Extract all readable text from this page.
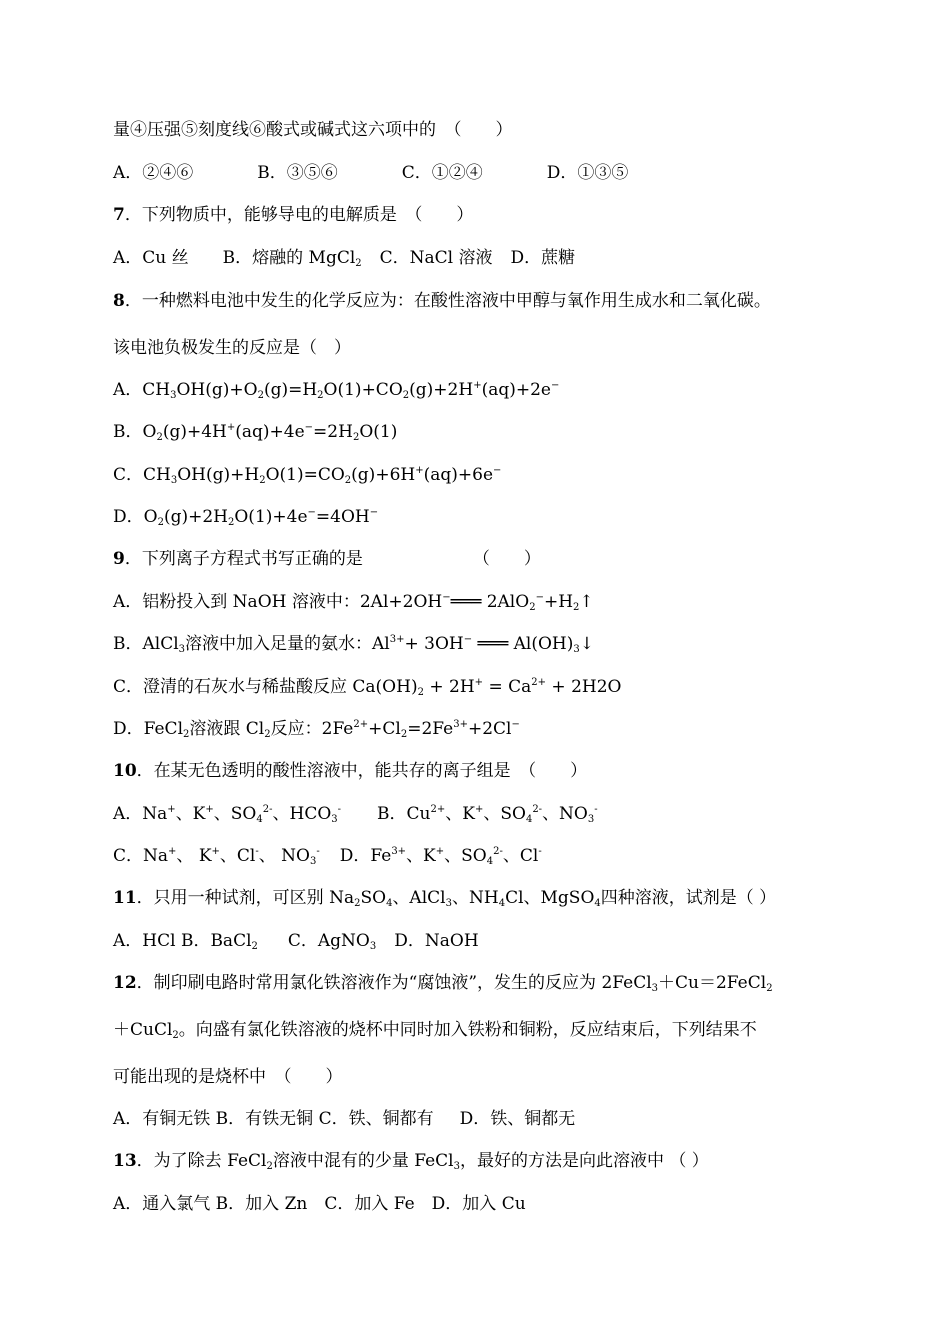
量④压强⑤刻度线⑥酸式或碱式这六项中的　（　　）
A．②④⑥	B．③⑤⑥	C．①②④	D．①③⑤
7．下列物质中，能够导电的电解质是　（　　）
A．Cu 丝 B．熔融的 MgCl$_2$ C．NaCl 溶液 D．蔗糖
8．一种燃料电池中发生的化学反应为：在酸性溶液中甲醇与氧作用生成水和二氧化碳。
该电池负极发生的反应是（　）
A．$CH_3OH(g)+O_2(g)=H_2O(1)+CO_2(g)+2H^+(aq)+2e^-$
B．$O_2(g)+4H^+(aq)+4e^-=2H_2O(1)$
C．$CH_3OH(g)+H_2O(1)=CO_2(g)+6H^+(aq)+6e^-$
D．$O_2(g)+2H_2O(1)+4e^-=4OH^-$
9．下列离子方程式书写正确的是	（　　）
A．铝粉投入到 NaOH 溶液中：2Al+2OH−═══ $2AlO_2^-+H_2↑$
B．AlCl$_3$溶液中加入足量的氨水：$Al^{3+}+ 3OH^-$ ═══ $Al(OH)_3↓$
C．澄清的石灰水与稀盐酸反应 $Ca(OH)_2 + 2H^+ = Ca^{2+} + 2H2O$
D．FeCl$_2$溶液跟 $Cl_2$反应：$2Fe^{2+}+Cl_2=2Fe^{3+}+2Cl^-$
10．在某无色透明的酸性溶液中，能共存的离子组是　（　　）
A．Na+、K+、$SO_4^{2-}$、$HCO_3^-$ B．$Cu^{2+}$、K+、$SO_4^{2-}$、$NO_3^-$
C．Na+、 K+、Cl-、 $NO_3^-$ D．$Fe^{3+}$、K+、$SO_4^{2-}$、Cl-
11．只用一种试剂，可区别 $Na_2SO_4$、AlCl$_3$、$NH_4Cl$、MgSO$_4$四种溶液，试剂是（ ）
A．HCl B．BaCl$_2$ C．AgNO$_3$ D．NaOH
12．制印刷电路时常用氯化铁溶液作为“腐蚀液”，发生的反应为 2FeCl$_3$＋Cu＝2FeCl$_2$
＋CuCl$_2$。向盛有氯化铁溶液的烧杯中同时加入铁粉和铜粉，反应结束后，下列结果不
可能出现的是烧杯中　（　　）
A．有铜无铁 B．有铁无铜 C．铁、铜都有 D．铁、铜都无
13．为了除去 FeCl$_2$溶液中混有的少量 FeCl$_3$，最好的方法是向此溶液中 （ ）
A．通入氯气 B．加入 Zn　C．加入 Fe　D．加入 Cu
